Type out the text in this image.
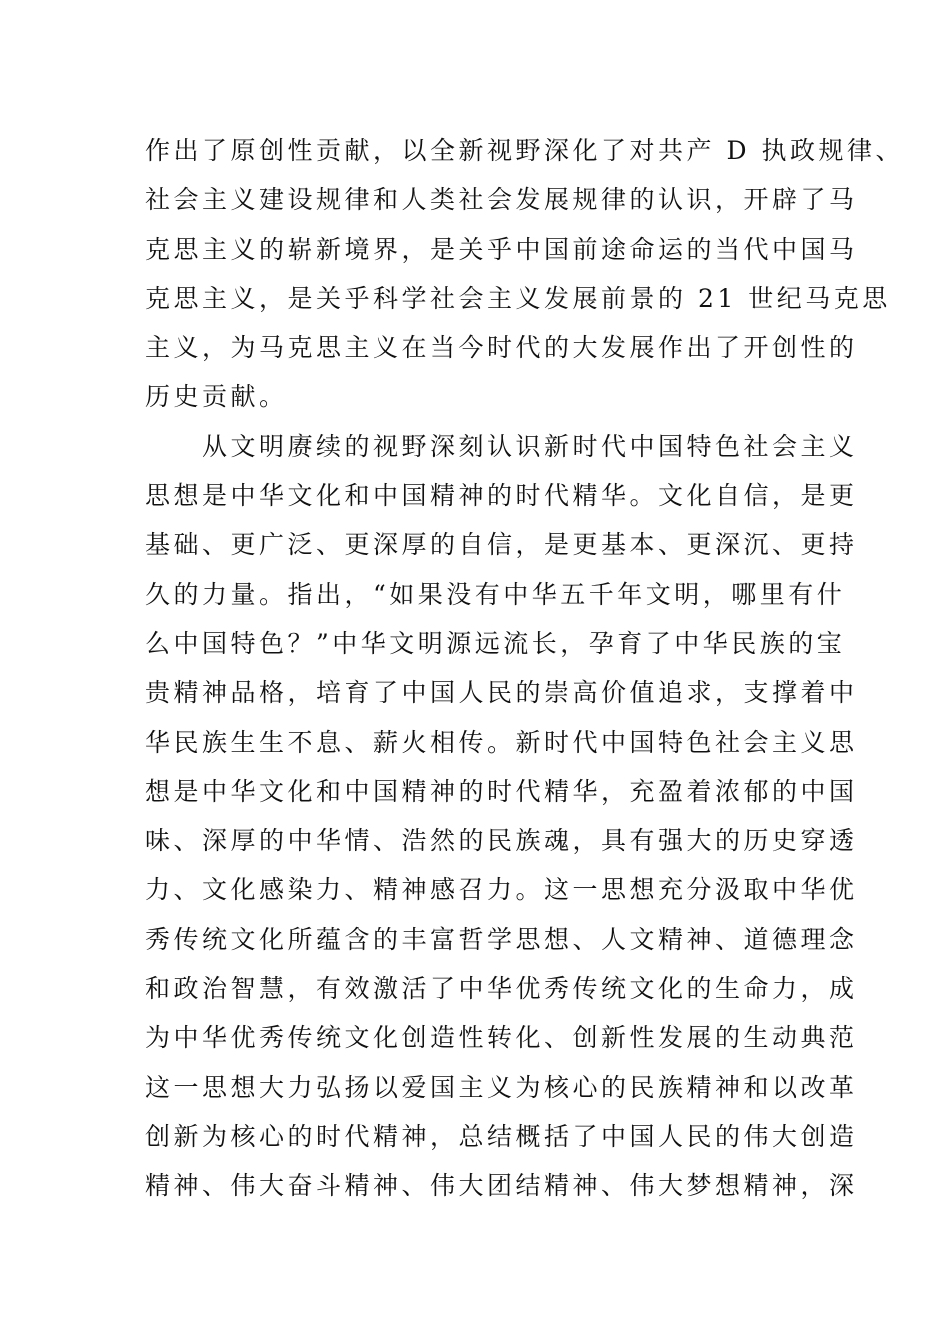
作出了原创性贡献，以全新视野深化了对共产 D 执政规律、
社会主义建设规律和人类社会发展规律的认识，开辟了马
克思主义的崭新境界，是关乎中国前途命运的当代中国马
克思主义，是关乎科学社会主义发展前景的 21 世纪马克思
主义，为马克思主义在当今时代的大发展作出了开创性的
历史贡献。
从文明赓续的视野深刻认识新时代中国特色社会主义
思想是中华文化和中国精神的时代精华。文化自信，是更
基础、更广泛、更深厚的自信，是更基本、更深沉、更持
久的力量。指出，“如果没有中华五千年文明，哪里有什
么中国特色？”中华文明源远流长，孕育了中华民族的宝
贵精神品格，培育了中国人民的崇高价值追求，支撑着中
华民族生生不息、薪火相传。新时代中国特色社会主义思
想是中华文化和中国精神的时代精华，充盈着浓郁的中国
味、深厚的中华情、浩然的民族魂，具有强大的历史穿透
力、文化感染力、精神感召力。这一思想充分汲取中华优
秀传统文化所蕴含的丰富哲学思想、人文精神、道德理念
和政治智慧，有效激活了中华优秀传统文化的生命力，成
为中华优秀传统文化创造性转化、创新性发展的生动典范
这一思想大力弘扬以爱国主义为核心的民族精神和以改革
创新为核心的时代精神，总结概括了中国人民的伟大创造
精神、伟大奋斗精神、伟大团结精神、伟大梦想精神，深
